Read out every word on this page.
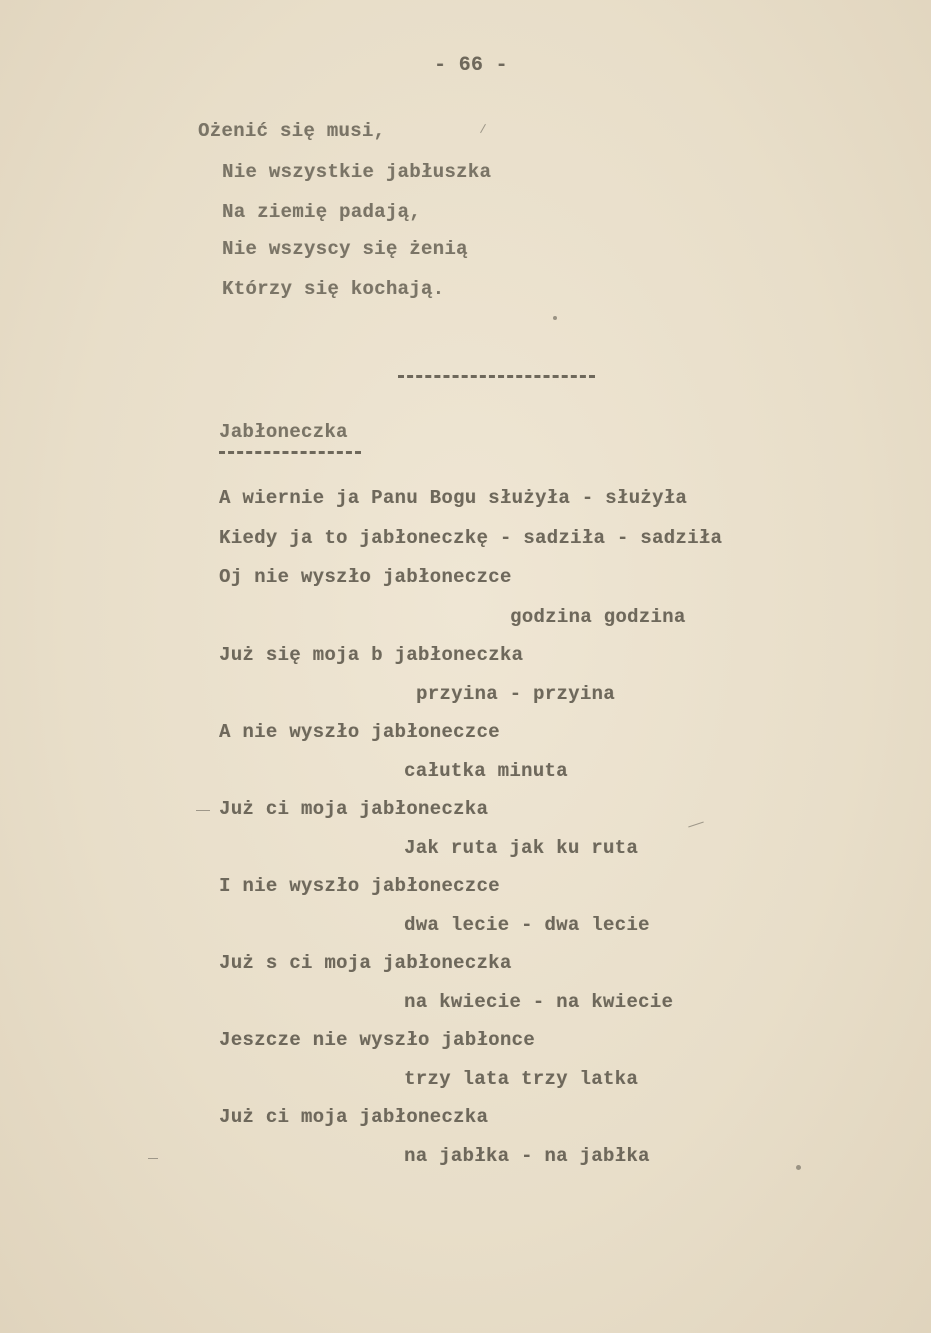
- 66 -
Ożenić się musi,
Nie wszystkie jabłuszka
Na ziemię padają,
Nie wszyscy się żenią
Którzy się kochają.
Jabłoneczka
A wiernie ja Panu Bogu służyła - służyła
Kiedy ja to jabłoneczkę - sadziła - sadziła
Oj nie wyszło jabłoneczce
godzina godzina
Już się moja b jabłoneczka
przyina - przyina
A nie wyszło jabłoneczce
całutka minuta
Już ci moja jabłoneczka
Jak ruta jak ku ruta
I nie wyszło jabłoneczce
dwa lecie - dwa lecie
Już s ci moja jabłoneczka
na kwiecie - na kwiecie
Jeszcze nie wyszło jabłonce
trzy lata trzy latka
Już ci moja jabłoneczka
na jabłka - na jabłka
